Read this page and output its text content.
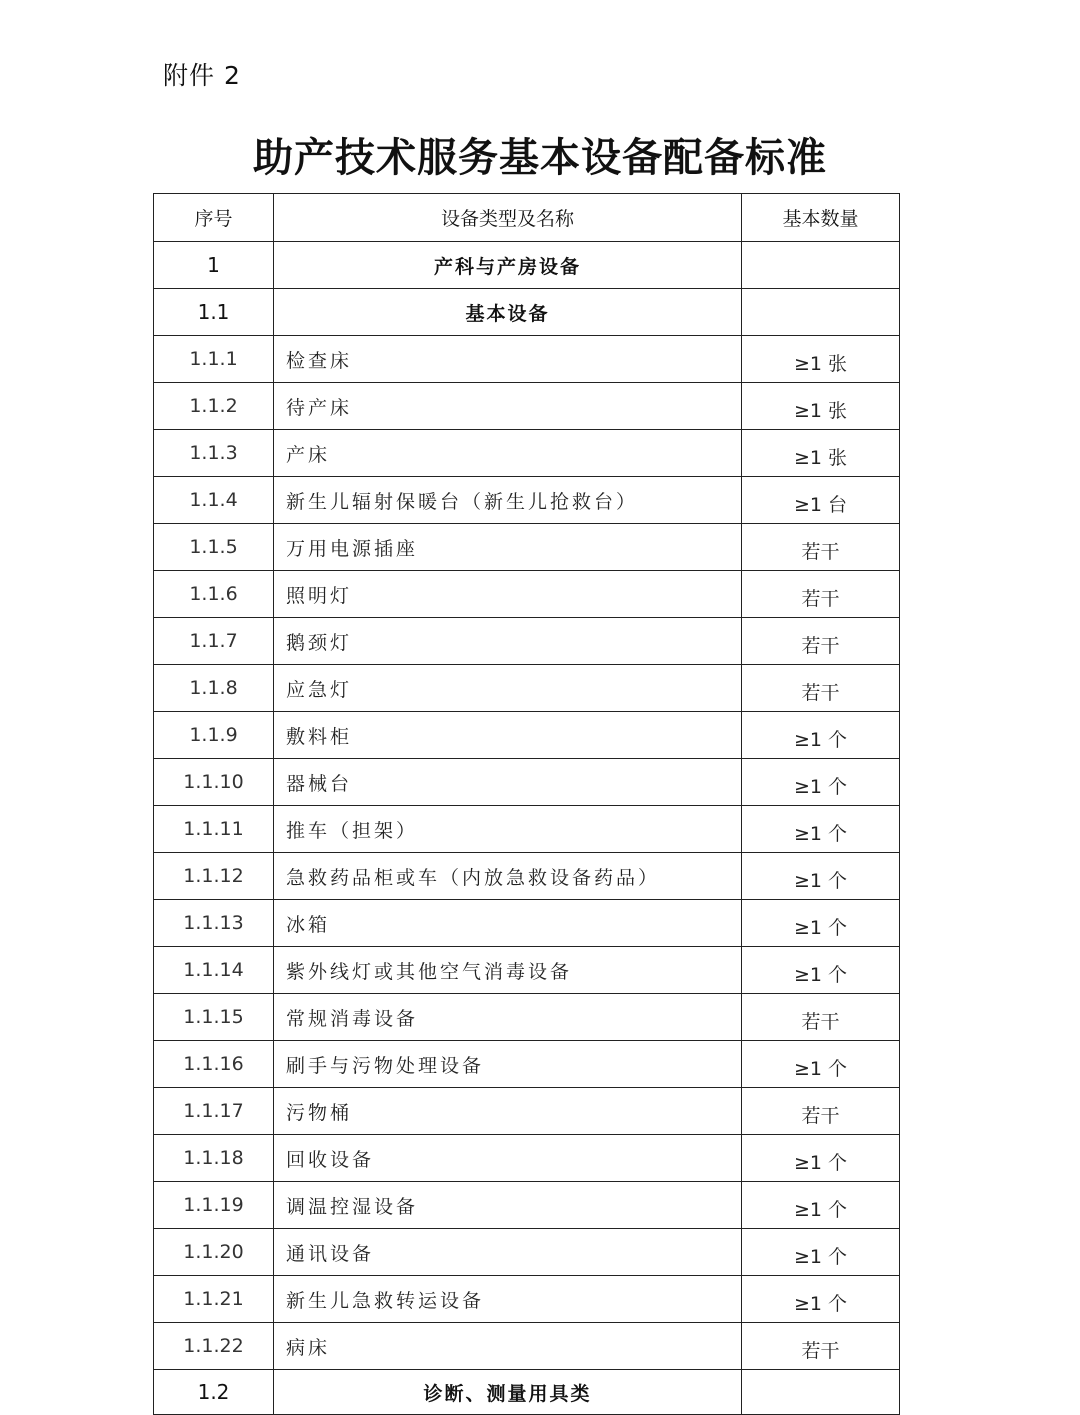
附件 2
助产技术服务基本设备配备标准
序号	设备类型及名称	基本数量
1	产科与产房设备	
1.1	基本设备	
1.1.1	检查床	≥1 张
1.1.2	待产床	≥1 张
1.1.3	产床	≥1 张
1.1.4	新生儿辐射保暖台（新生儿抢救台）	≥1 台
1.1.5	万用电源插座	若干
1.1.6	照明灯	若干
1.1.7	鹅颈灯	若干
1.1.8	应急灯	若干
1.1.9	敷料柜	≥1 个
1.1.10	器械台	≥1 个
1.1.11	推车（担架）	≥1 个
1.1.12	急救药品柜或车（内放急救设备药品）	≥1 个
1.1.13	冰箱	≥1 个
1.1.14	紫外线灯或其他空气消毒设备	≥1 个
1.1.15	常规消毒设备	若干
1.1.16	刷手与污物处理设备	≥1 个
1.1.17	污物桶	若干
1.1.18	回收设备	≥1 个
1.1.19	调温控湿设备	≥1 个
1.1.20	通讯设备	≥1 个
1.1.21	新生儿急救转运设备	≥1 个
1.1.22	病床	若干
1.2	诊断、测量用具类	
